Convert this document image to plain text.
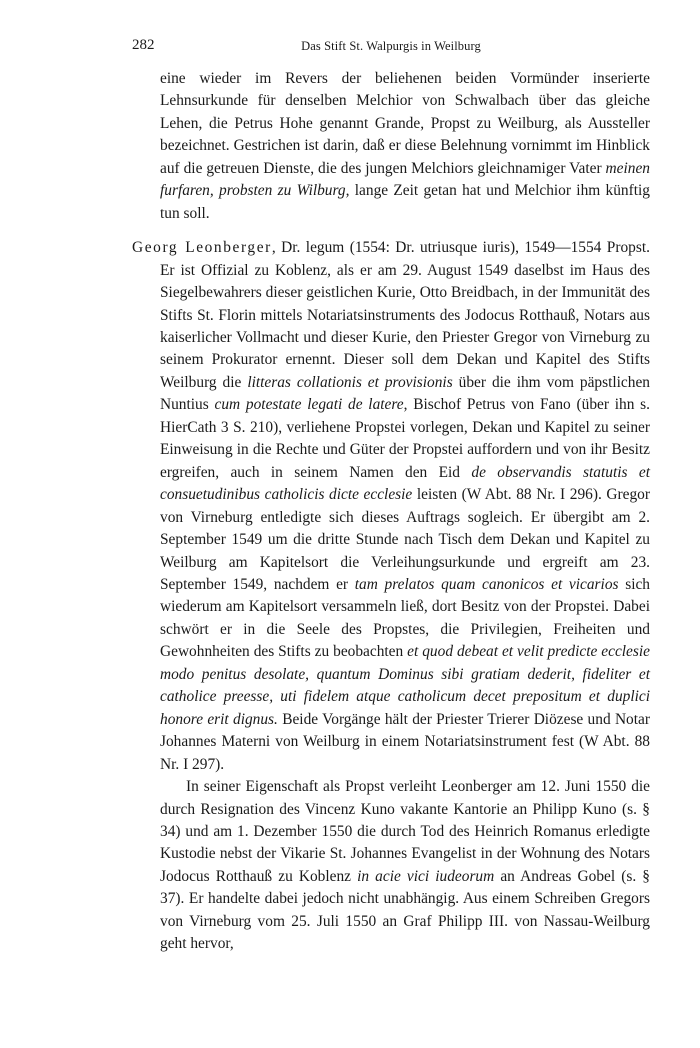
282	Das Stift St. Walpurgis in Weilburg

eine wieder im Revers der beliehenen beiden Vormünder inserierte Lehnsurkunde für denselben Melchior von Schwalbach über das gleiche Lehen, die Petrus Hohe genannt Grande, Propst zu Weilburg, als Aussteller bezeichnet. Gestrichen ist darin, daß er diese Belehnung vornimmt im Hinblick auf die getreuen Dienste, die des jungen Melchiors gleichnamiger Vater meinen furfaren, probsten zu Wilburg, lange Zeit getan hat und Melchior ihm künftig tun soll.

Georg Leonberger, Dr. legum (1554: Dr. utriusque iuris), 1549—1554 Propst. Er ist Offizial zu Koblenz, als er am 29. August 1549 daselbst im Haus des Siegelbewahrers dieser geistlichen Kurie, Otto Breidbach, in der Immunität des Stifts St. Florin mittels Notariatsinstruments des Jodocus Rotthauß, Notars aus kaiserlicher Vollmacht und dieser Kurie, den Priester Gregor von Virneburg zu seinem Prokurator ernennt. Dieser soll dem Dekan und Kapitel des Stifts Weilburg die litteras collationis et provisionis über die ihm vom päpstlichen Nuntius cum potestate legati de latere, Bischof Petrus von Fano (über ihn s. HierCath 3 S. 210), verliehene Propstei vorlegen, Dekan und Kapitel zu seiner Einweisung in die Rechte und Güter der Propstei auffordern und von ihr Besitz ergreifen, auch in seinem Namen den Eid de observandis statutis et consuetudinibus catholicis dicte ecclesie leisten (W Abt. 88 Nr. I 296). Gregor von Virneburg entledigte sich dieses Auftrags sogleich. Er übergibt am 2. September 1549 um die dritte Stunde nach Tisch dem Dekan und Kapitel zu Weilburg am Kapitelsort die Verleihungsurkunde und ergreift am 23. September 1549, nachdem er tam prelatos quam canonicos et vicarios sich wiederum am Kapitelsort versammeln ließ, dort Besitz von der Propstei. Dabei schwört er in die Seele des Propstes, die Privilegien, Freiheiten und Gewohnheiten des Stifts zu beobachten et quod debeat et velit predicte ecclesie modo penitus desolate, quantum Dominus sibi gratiam dederit, fideliter et catholice preesse, uti fidelem atque catholicum decet prepositum et duplici honore erit dignus. Beide Vorgänge hält der Priester Trierer Diözese und Notar Johannes Materni von Weilburg in einem Notariatsinstrument fest (W Abt. 88 Nr. I 297).

In seiner Eigenschaft als Propst verleiht Leonberger am 12. Juni 1550 die durch Resignation des Vincenz Kuno vakante Kantorie an Philipp Kuno (s. § 34) und am 1. Dezember 1550 die durch Tod des Heinrich Romanus erledigte Kustodie nebst der Vikarie St. Johannes Evangelist in der Wohnung des Notars Jodocus Rotthauß zu Koblenz in acie vici iudeorum an Andreas Gobel (s. § 37). Er handelte dabei jedoch nicht unabhängig. Aus einem Schreiben Gregors von Virneburg vom 25. Juli 1550 an Graf Philipp III. von Nassau-Weilburg geht hervor,
